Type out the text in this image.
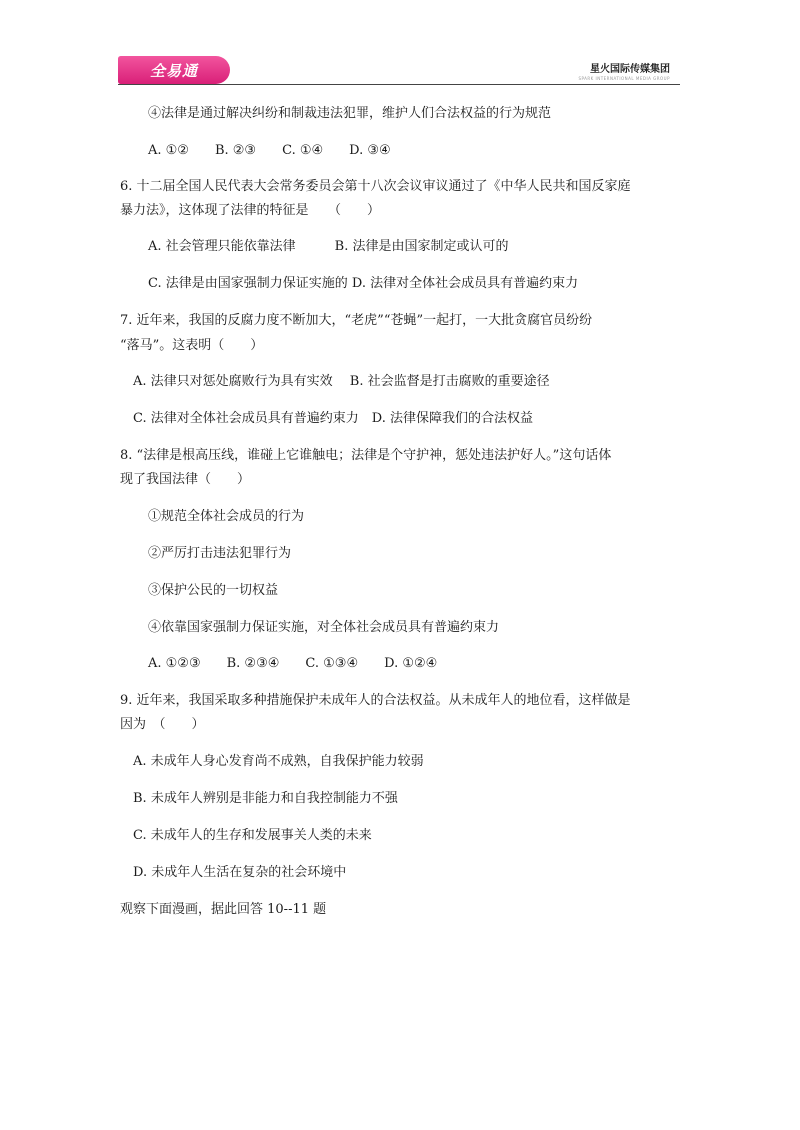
全易通	星火国际传媒集团
SPARK INTERNATIONAL MEDIA GROUP
④法律是通过解决纠纷和制裁违法犯罪，维护人们合法权益的行为规范
A. ①②　　B. ②③　　C. ①④　　D. ③④
6. 十二届全国人民代表大会常务委员会第十八次会议审议通过了《中华人民共和国反家庭
暴力法》，这体现了法律的特征是　　（　　）
A. 社会管理只能依靠法律　　　B. 法律是由国家制定或认可的
C. 法律是由国家强制力保证实施的 D. 法律对全体社会成员具有普遍约束力
7. 近年来，我国的反腐力度不断加大，“老虎”“苍蝇”一起打，一大批贪腐官员纷纷
“落马”。这表明（　　）
A. 法律只对惩处腐败行为具有实效　 B. 社会监督是打击腐败的重要途径
C. 法律对全体社会成员具有普遍约束力　D. 法律保障我们的合法权益
8. “法律是根高压线，谁碰上它谁触电；法律是个守护神，惩处违法护好人。”这句话体
现了我国法律（　　）
①规范全体社会成员的行为
②严厉打击违法犯罪行为
③保护公民的一切权益
④依靠国家强制力保证实施，对全体社会成员具有普遍约束力
A. ①②③　　B. ②③④　　C. ①③④　　D. ①②④
9. 近年来，我国采取多种措施保护未成年人的合法权益。从未成年人的地位看，这样做是
因为　（　　）
A. 未成年人身心发育尚不成熟，自我保护能力较弱
B. 未成年人辨别是非能力和自我控制能力不强
C. 未成年人的生存和发展事关人类的未来
D. 未成年人生活在复杂的社会环境中
观察下面漫画，据此回答 10--11 题
